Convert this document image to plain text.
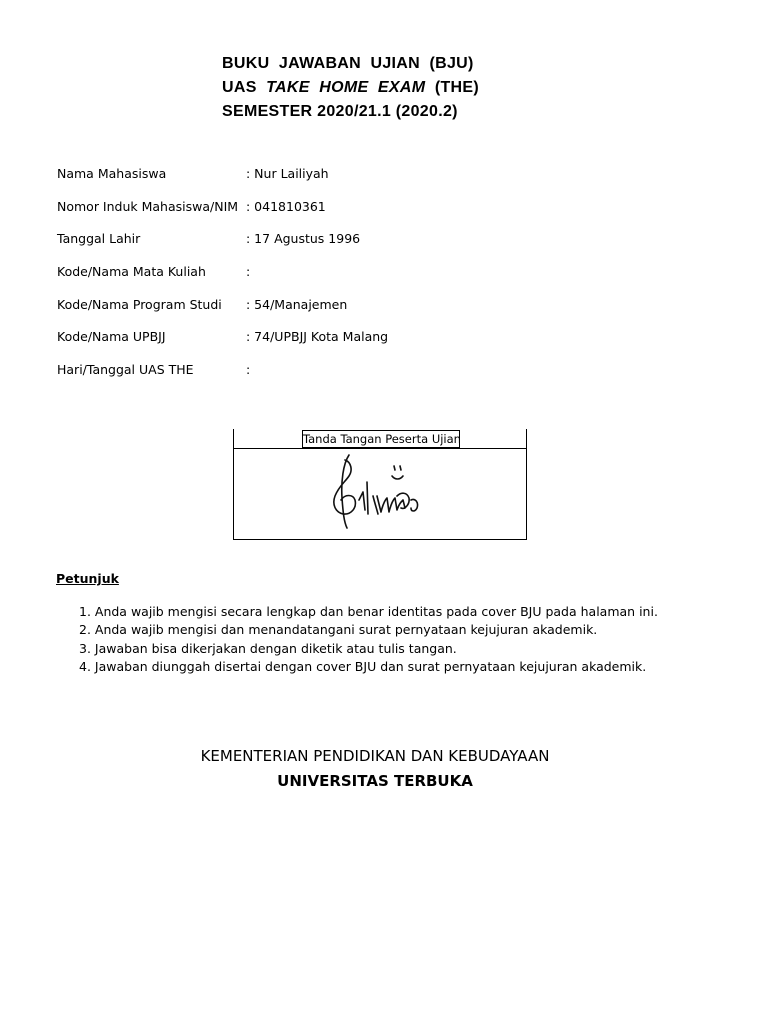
BUKU  JAWABAN  UJIAN  (BJU)
UAS  TAKE  HOME  EXAM  (THE)
SEMESTER 2020/21.1 (2020.2)
Nama Mahasiswa	: Nur Lailiyah
Nomor Induk Mahasiswa/NIM : 041810361
Tanggal Lahir	: 17 Agustus 1996
Kode/Nama Mata Kuliah	:
Kode/Nama Program Studi : 54/Manajemen
Kode/Nama UPBJJ	: 74/UPBJJ Kota Malang
Hari/Tanggal UAS THE	:
Tanda Tangan Peserta Ujian
Petunjuk
1. Anda wajib mengisi secara lengkap dan benar identitas pada cover BJU pada halaman ini.
2. Anda wajib mengisi dan menandatangani surat pernyataan kejujuran akademik.
3. Jawaban bisa dikerjakan dengan diketik atau tulis tangan.
4. Jawaban diunggah disertai dengan cover BJU dan surat pernyataan kejujuran akademik.
KEMENTERIAN PENDIDIKAN DAN KEBUDAYAAN
UNIVERSITAS TERBUKA
